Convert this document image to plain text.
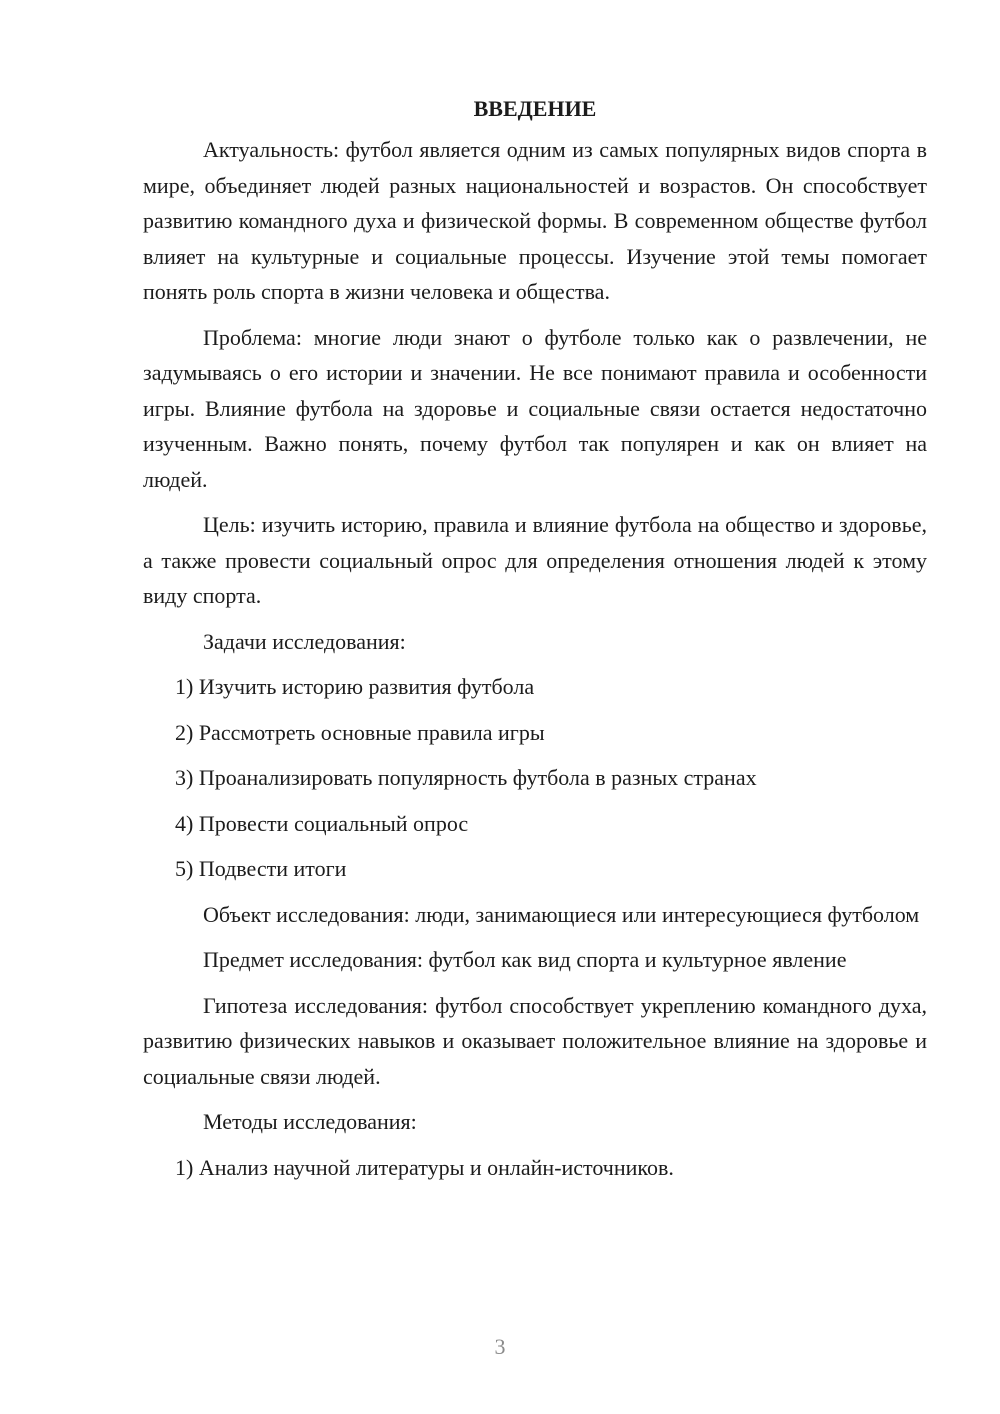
ВВЕДЕНИЕ

Актуальность: футбол является одним из самых популярных видов спорта в мире, объединяет людей разных национальностей и возрастов. Он способствует развитию командного духа и физической формы. В современном обществе футбол влияет на культурные и социальные процессы. Изучение этой темы помогает понять роль спорта в жизни человека и общества.

Проблема: многие люди знают о футболе только как о развлечении, не задумываясь о его истории и значении. Не все понимают правила и особенности игры. Влияние футбола на здоровье и социальные связи остается недостаточно изученным. Важно понять, почему футбол так популярен и как он влияет на людей.

Цель: изучить историю, правила и влияние футбола на общество и здоровье, а также провести социальный опрос для определения отношения людей к этому виду спорта.

Задачи исследования:

1) Изучить историю развития футбола
2) Рассмотреть основные правила игры
3) Проанализировать популярность футбола в разных странах
4) Провести социальный опрос
5) Подвести итоги

Объект исследования: люди, занимающиеся или интересующиеся футболом

Предмет исследования: футбол как вид спорта и культурное явление

Гипотеза исследования: футбол способствует укреплению командного духа, развитию физических навыков и оказывает положительное влияние на здоровье и социальные связи людей.

Методы исследования:

1) Анализ научной литературы и онлайн-источников.
3
